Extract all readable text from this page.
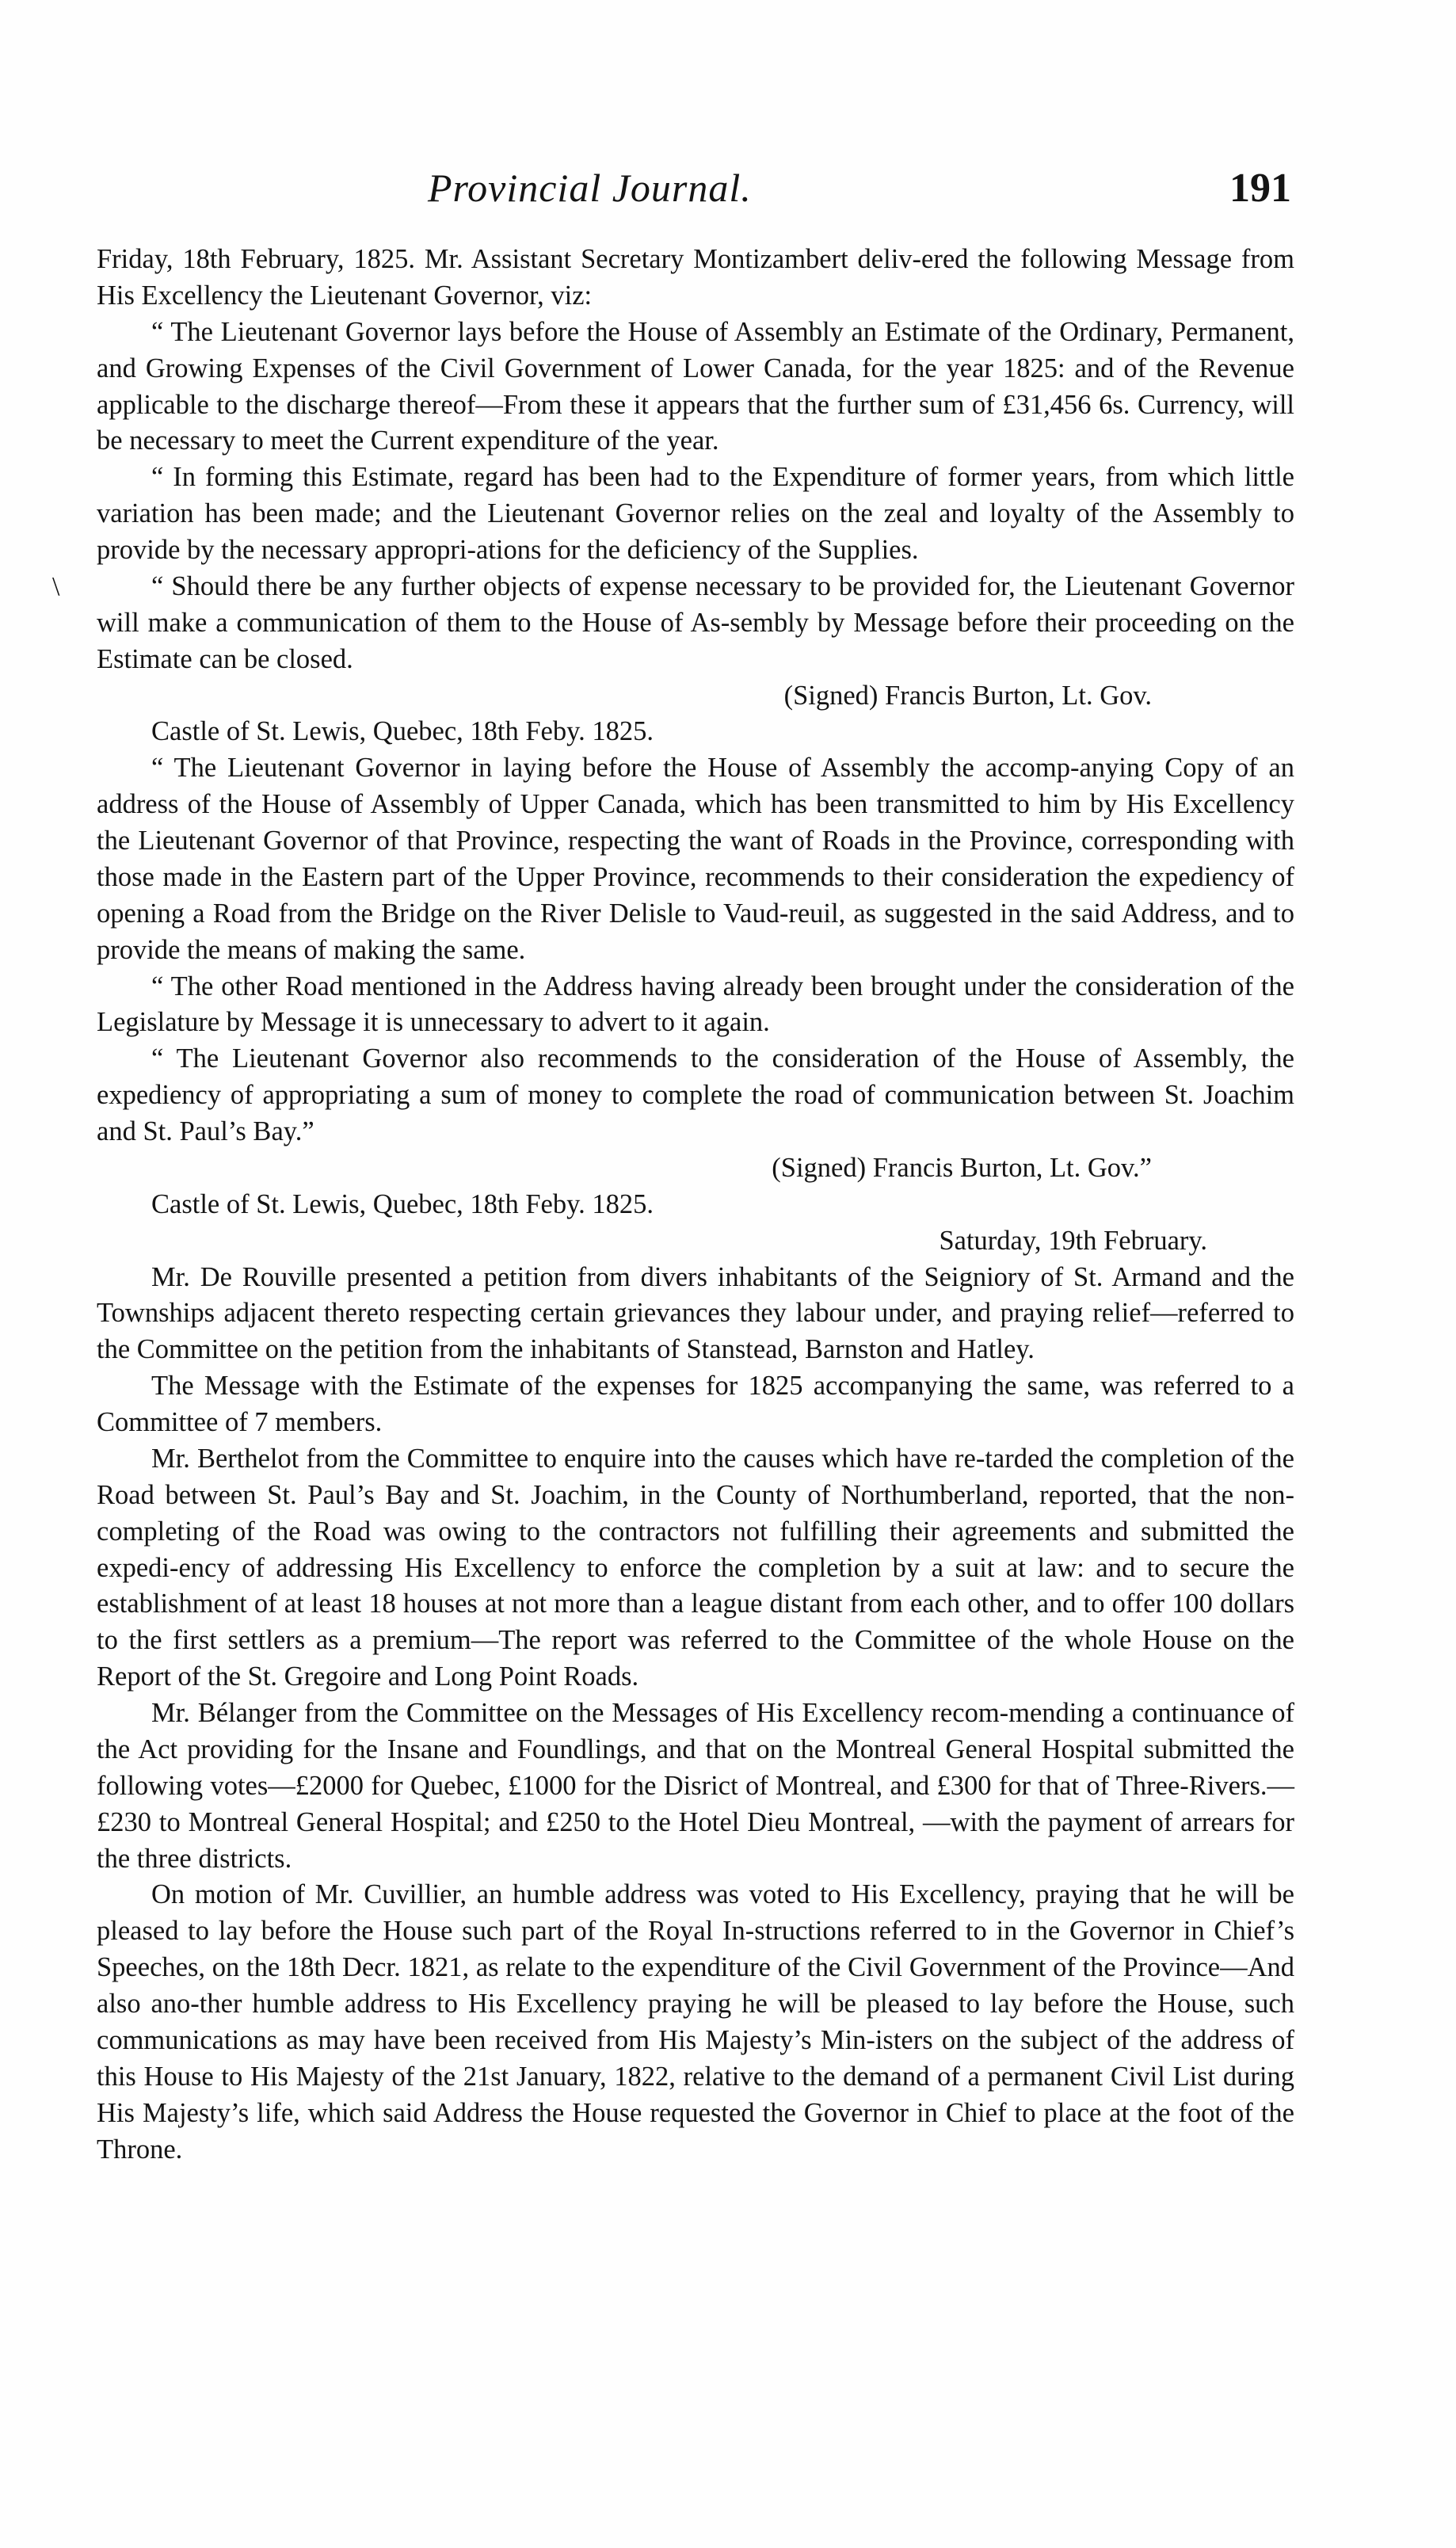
Provincial Journal.	191
\

Friday, 18th February, 1825. Mr. Assistant Secretary Montizambert deliv-ered the following Message from His Excellency the Lieutenant Governor, viz:

“ The Lieutenant Governor lays before the House of Assembly an Estimate of the Ordinary, Permanent, and Growing Expenses of the Civil Government of Lower Canada, for the year 1825: and of the Revenue applicable to the discharge thereof—From these it appears that the further sum of £31,456 6s. Currency, will be necessary to meet the Current expenditure of the year.

“ In forming this Estimate, regard has been had to the Expenditure of former years, from which little variation has been made; and the Lieutenant Governor relies on the zeal and loyalty of the Assembly to provide by the necessary appropri-ations for the deficiency of the Supplies.

“ Should there be any further objects of expense necessary to be provided for, the Lieutenant Governor will make a communication of them to the House of As-sembly by Message before their proceeding on the Estimate can be closed.

(Signed) Francis Burton, Lt. Gov.

Castle of St. Lewis, Quebec, 18th Feby. 1825.

“ The Lieutenant Governor in laying before the House of Assembly the accomp-anying Copy of an address of the House of Assembly of Upper Canada, which has been transmitted to him by His Excellency the Lieutenant Governor of that Province, respecting the want of Roads in the Province, corresponding with those made in the Eastern part of the Upper Province, recommends to their consideration the expediency of opening a Road from the Bridge on the River Delisle to Vaud-reuil, as suggested in the said Address, and to provide the means of making the same.

“ The other Road mentioned in the Address having already been brought under the consideration of the Legislature by Message it is unnecessary to advert to it again.

“ The Lieutenant Governor also recommends to the consideration of the House of Assembly, the expediency of appropriating a sum of money to complete the road of communication between St. Joachim and St. Paul’s Bay.”

(Signed) Francis Burton, Lt. Gov.”

Castle of St. Lewis, Quebec, 18th Feby. 1825.

Saturday, 19th February.

Mr. De Rouville presented a petition from divers inhabitants of the Seigniory of St. Armand and the Townships adjacent thereto respecting certain grievances they labour under, and praying relief—referred to the Committee on the petition from the inhabitants of Stanstead, Barnston and Hatley.

The Message with the Estimate of the expenses for 1825 accompanying the same, was referred to a Committee of 7 members.

Mr. Berthelot from the Committee to enquire into the causes which have re-tarded the completion of the Road between St. Paul’s Bay and St. Joachim, in the County of Northumberland, reported, that the non-completing of the Road was owing to the contractors not fulfilling their agreements and submitted the expedi-ency of addressing His Excellency to enforce the completion by a suit at law: and to secure the establishment of at least 18 houses at not more than a league distant from each other, and to offer 100 dollars to the first settlers as a premium—The report was referred to the Committee of the whole House on the Report of the St. Gregoire and Long Point Roads.

Mr. Bélanger from the Committee on the Messages of His Excellency recom-mending a continuance of the Act providing for the Insane and Foundlings, and that on the Montreal General Hospital submitted the following votes—£2000 for Quebec, £1000 for the Disrict of Montreal, and £300 for that of Three-Rivers.—£230 to Montreal General Hospital; and £250 to the Hotel Dieu Montreal, —with the payment of arrears for the three districts.

On motion of Mr. Cuvillier, an humble address was voted to His Excellency, praying that he will be pleased to lay before the House such part of the Royal In-structions referred to in the Governor in Chief’s Speeches, on the 18th Decr. 1821, as relate to the expenditure of the Civil Government of the Province—And also ano-ther humble address to His Excellency praying he will be pleased to lay before the House, such communications as may have been received from His Majesty’s Min-isters on the subject of the address of this House to His Majesty of the 21st January, 1822, relative to the demand of a permanent Civil List during His Majesty’s life, which said Address the House requested the Governor in Chief to place at the foot of the Throne.
